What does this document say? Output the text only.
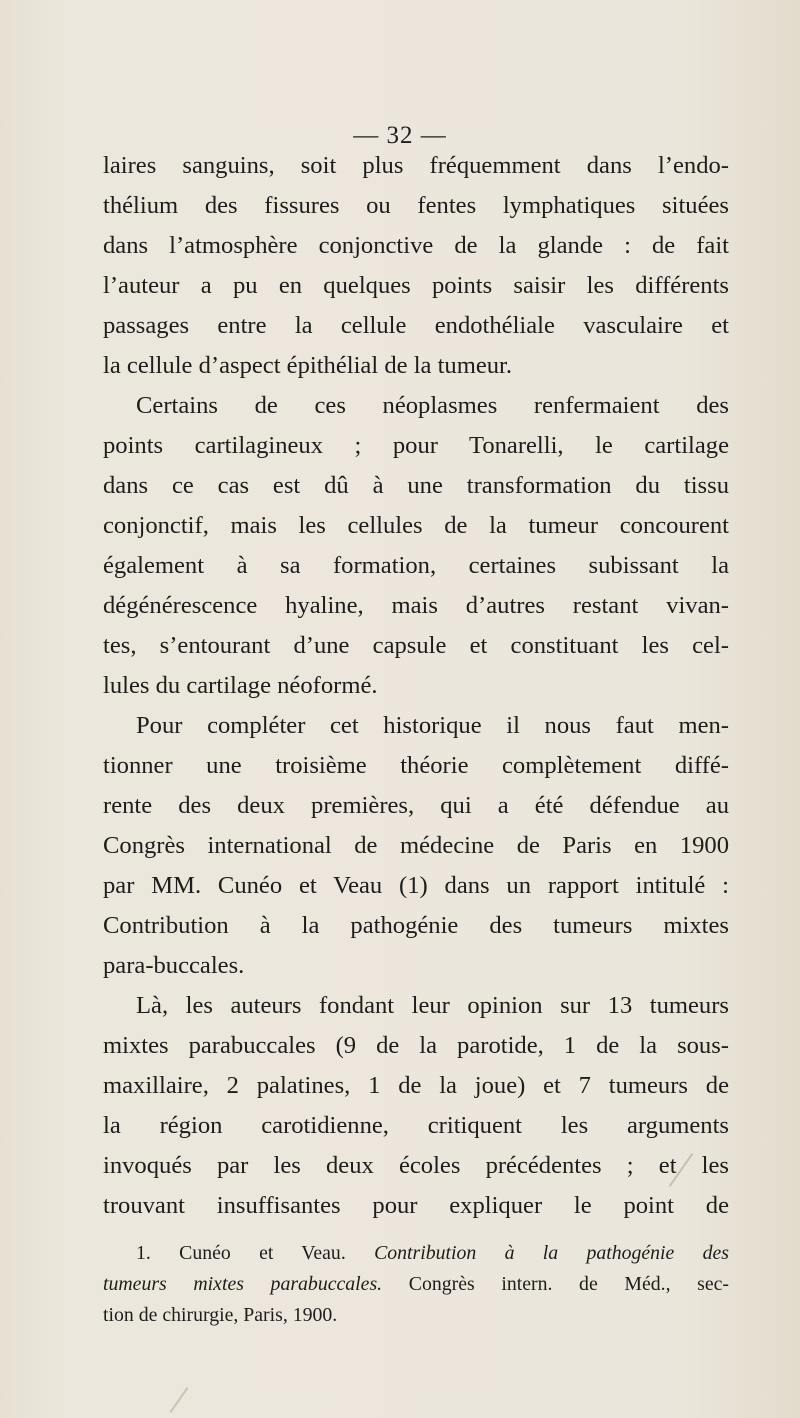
— 32 —
laires sanguins, soit plus fréquemment dans l’endo-
thélium des fissures ou fentes lymphatiques situées
dans l’atmosphère conjonctive de la glande : de fait
l’auteur a pu en quelques points saisir les différents
passages entre la cellule endothéliale vasculaire et
la cellule d’aspect épithélial de la tumeur.
Certains de ces néoplasmes renfermaient des
points cartilagineux ; pour Tonarelli, le cartilage
dans ce cas est dû à une transformation du tissu
conjonctif, mais les cellules de la tumeur concourent
également à sa formation, certaines subissant la
dégénérescence hyaline, mais d’autres restant vivan-
tes, s’entourant d’une capsule et constituant les cel-
lules du cartilage néoformé.
Pour compléter cet historique il nous faut men-
tionner une troisième théorie complètement diffé-
rente des deux premières, qui a été défendue au
Congrès international de médecine de Paris en 1900
par MM. Cunéo et Veau (1) dans un rapport intitulé :
Contribution à la pathogénie des tumeurs mixtes
para-buccales.
Là, les auteurs fondant leur opinion sur 13 tumeurs
mixtes parabuccales (9 de la parotide, 1 de la sous-
maxillaire, 2 palatines, 1 de la joue) et 7 tumeurs de
la région carotidienne, critiquent les arguments
invoqués par les deux écoles précédentes ; et les
trouvant insuffisantes pour expliquer le point de
1. Cunéo et Veau. Contribution à la pathogénie des
tumeurs mixtes parabuccales. Congrès intern. de Méd., sec-
tion de chirurgie, Paris, 1900.
